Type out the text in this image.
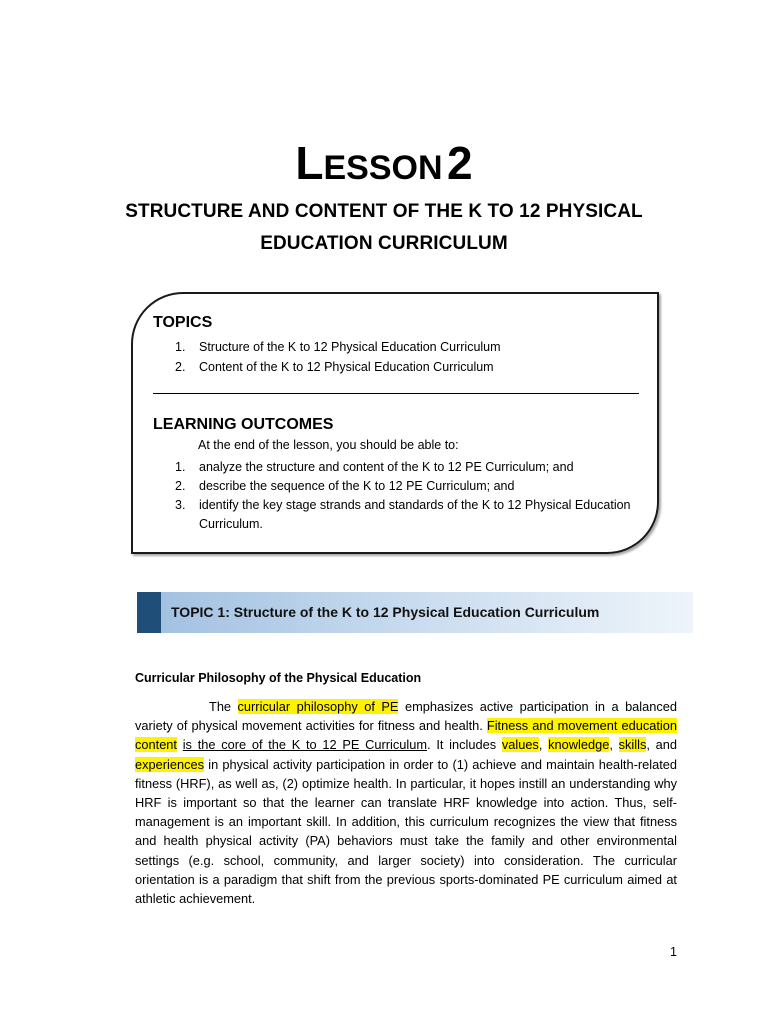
LESSON 2
STRUCTURE AND CONTENT OF THE K TO 12 PHYSICAL EDUCATION CURRICULUM
TOPICS
1. Structure of the K to 12 Physical Education Curriculum
2. Content of the K to 12 Physical Education Curriculum
LEARNING OUTCOMES
At the end of the lesson, you should be able to:
1. analyze the structure and content of the K to 12 PE Curriculum; and
2. describe the sequence of the K to 12 PE Curriculum; and
3. identify the key stage strands and standards of the K to 12 Physical Education Curriculum.
TOPIC 1: Structure of the K to 12 Physical Education Curriculum
Curricular Philosophy of the Physical Education

The curricular philosophy of PE emphasizes active participation in a balanced variety of physical movement activities for fitness and health. Fitness and movement education content is the core of the K to 12 PE Curriculum. It includes values, knowledge, skills, and experiences in physical activity participation in order to (1) achieve and maintain health-related fitness (HRF), as well as, (2) optimize health. In particular, it hopes instill an understanding why HRF is important so that the learner can translate HRF knowledge into action. Thus, self-management is an important skill. In addition, this curriculum recognizes the view that fitness and health physical activity (PA) behaviors must take the family and other environmental settings (e.g. school, community, and larger society) into consideration. The curricular orientation is a paradigm that shift from the previous sports-dominated PE curriculum aimed at athletic achievement.

1
